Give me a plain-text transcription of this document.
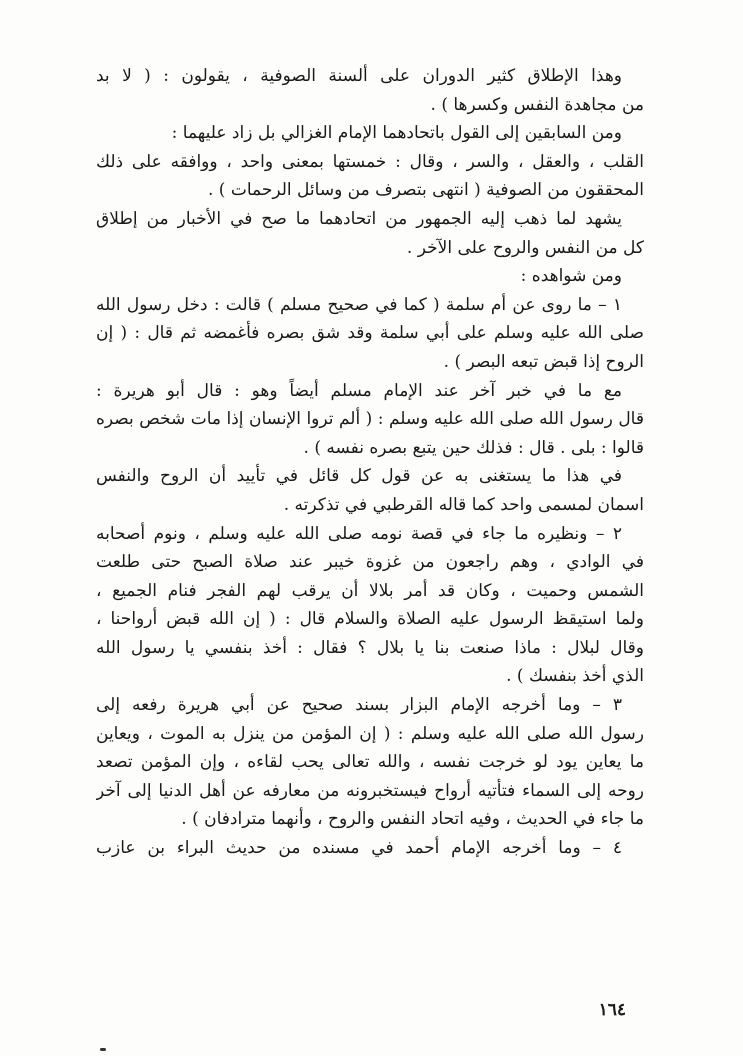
وهذا الإطلاق كثير الدوران على ألسنة الصوفية ، يقولون : ( لا بد
من مجاهدة النفس وكسرها ) .
ومن السابقين إلى القول باتحادهما الإمام الغزالي بل زاد عليهما :
القلب ، والعقل ، والسر ، وقال : خمستها بمعنى واحد ، ووافقه على ذلك
المحققون من الصوفية ( انتهى بتصرف من وسائل الرحمات ) .
يشهد لما ذهب إليه الجمهور من اتحادهما ما صح في الأخبار من إطلاق
كل من النفس والروح على الآخر .
ومن شواهده :
١ – ما روى عن أم سلمة ( كما في صحيح مسلم ) قالت : دخل رسول الله
صلى الله عليه وسلم على أبي سلمة وقد شق بصره فأغمضه ثم قال : ( إن
الروح إذا قبض تبعه البصر ) .
مع ما في خبر آخر عند الإمام مسلم أيضاً وهو : قال أبو هريرة :
قال رسول الله صلى الله عليه وسلم : ( ألم تروا الإنسان إذا مات شخص بصره
قالوا : بلى . قال : فذلك حين يتبع بصره نفسه ) .
في هذا ما يستغنى به عن قول كل قائل في تأييد أن الروح والنفس
اسمان لمسمى واحد كما قاله القرطبي في تذكرته .
٢ – ونظيره ما جاء في قصة نومه صلى الله عليه وسلم ، ونوم أصحابه
في الوادي ، وهم راجعون من غزوة خيبر عند صلاة الصبح حتى طلعت
الشمس وحميت ، وكان قد أمر بلالا أن يرقب لهم الفجر فنام الجميع ،
ولما استيقظ الرسول عليه الصلاة والسلام قال : ( إن الله قبض أرواحنا ،
وقال لبلال : ماذا صنعت بنا يا بلال ؟ فقال : أخذ بنفسي يا رسول الله
الذي أخذ بنفسك ) .
٣ – وما أخرجه الإمام البزار بسند صحيح عن أبي هريرة رفعه إلى
رسول الله صلى الله عليه وسلم : ( إن المؤمن من ينزل به الموت ، ويعاين
ما يعاين يود لو خرجت نفسه ، والله تعالى يحب لقاءه ، وإن المؤمن تصعد
روحه إلى السماء فتأتيه أرواح فيستخبرونه من معارفه عن أهل الدنيا إلى آخر
ما جاء في الحديث ، وفيه اتحاد النفس والروح ، وأنهما مترادفان ) .
٤ – وما أخرجه الإمام أحمد في مسنده من حديث البراء بن عازب
١٦٤
